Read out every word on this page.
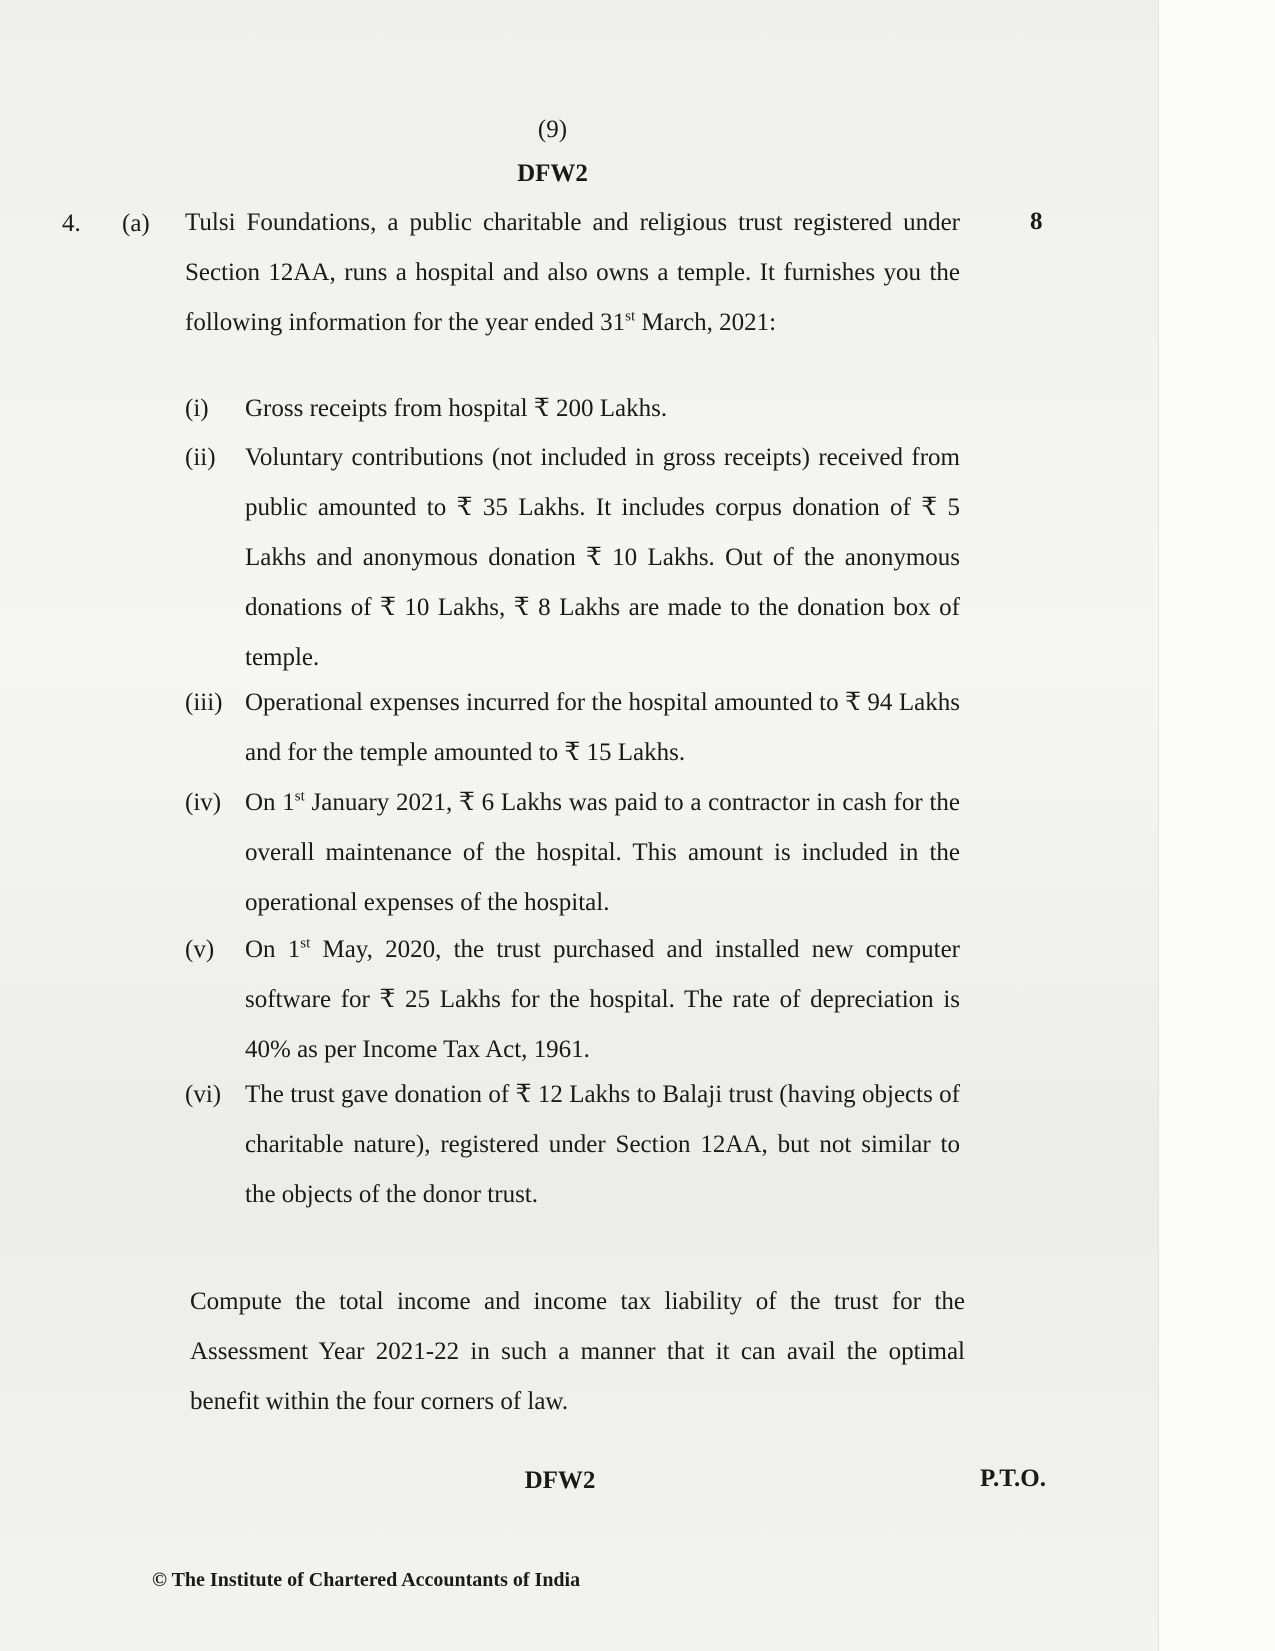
(9)
DFW2
4. (a)	8

Tulsi Foundations, a public charitable and religious trust registered under Section 12AA, runs a hospital and also owns a temple. It furnishes you the following information for the year ended 31st March, 2021:

(i) Gross receipts from hospital ₹ 200 Lakhs.
(ii) Voluntary contributions (not included in gross receipts) received from public amounted to ₹ 35 Lakhs. It includes corpus donation of ₹ 5 Lakhs and anonymous donation ₹ 10 Lakhs. Out of the anonymous donations of ₹ 10 Lakhs, ₹ 8 Lakhs are made to the donation box of temple.
(iii) Operational expenses incurred for the hospital amounted to ₹ 94 Lakhs and for the temple amounted to ₹ 15 Lakhs.
(iv) On 1st January 2021, ₹ 6 Lakhs was paid to a contractor in cash for the overall maintenance of the hospital. This amount is included in the operational expenses of the hospital.
(v) On 1st May, 2020, the trust purchased and installed new computer software for ₹ 25 Lakhs for the hospital. The rate of depreciation is 40% as per Income Tax Act, 1961.
(vi) The trust gave donation of ₹ 12 Lakhs to Balaji trust (having objects of charitable nature), registered under Section 12AA, but not similar to the objects of the donor trust.

Compute the total income and income tax liability of the trust for the Assessment Year 2021-22 in such a manner that it can avail the optimal benefit within the four corners of law.

DFW2	P.T.O.
© The Institute of Chartered Accountants of India
